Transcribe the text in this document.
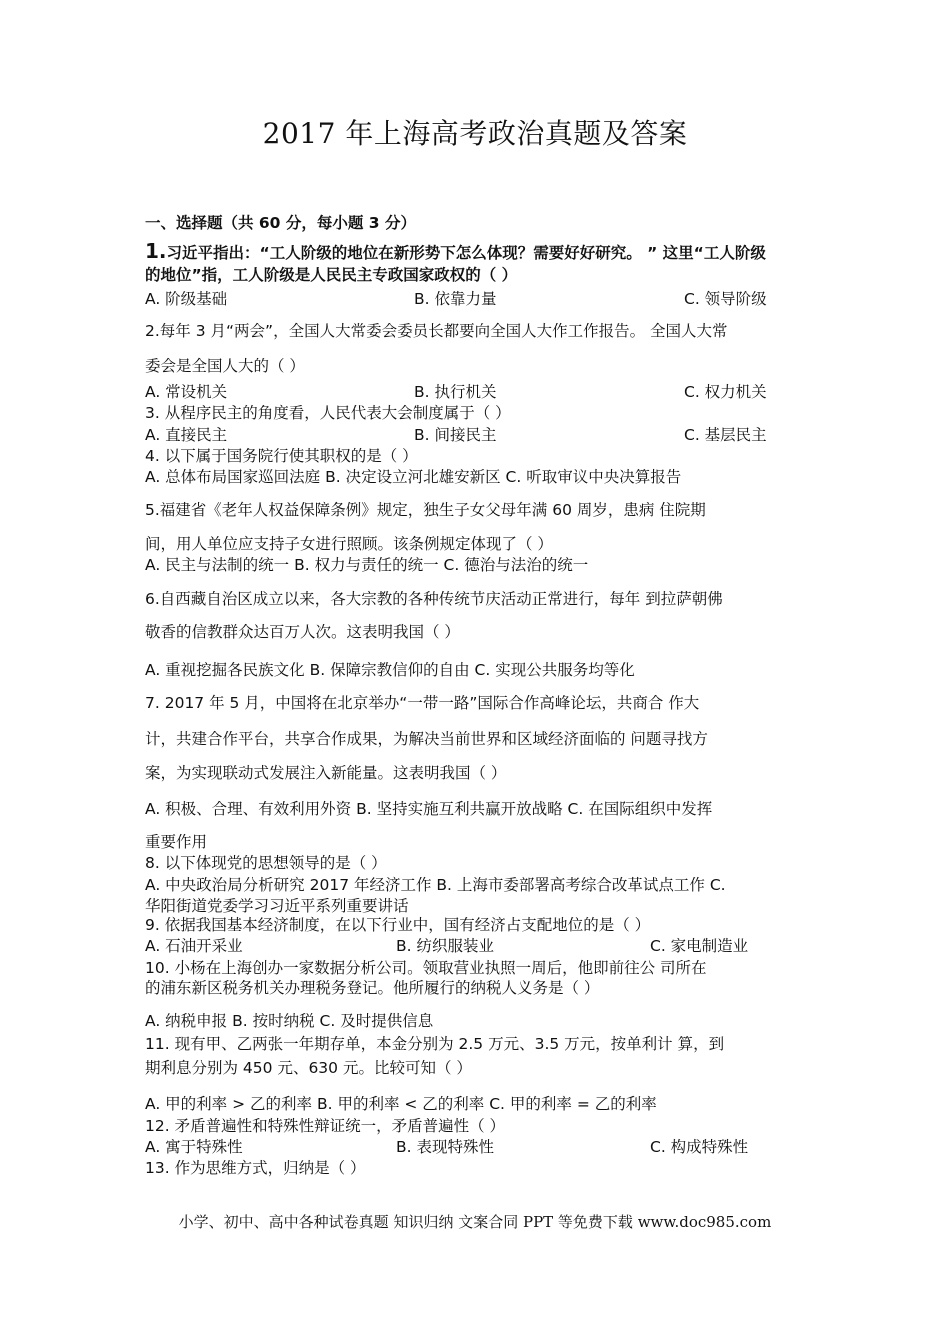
2017 年上海高考政治真题及答案
一、选择题（共 60 分，每小题 3 分）
1.习近平指出：“工人阶级的地位在新形势下怎么体现？需要好好研究。 ” 这里“工人阶级
的地位”指，工人阶级是人民民主专政国家政权的（ ）
A. 阶级基础	B. 依靠力量	C. 领导阶级
2.每年 3 月“两会”，全国人大常委会委员长都要向全国人大作工作报告。 全国人大常
委会是全国人大的（ ）
A. 常设机关	B. 执行机关	C. 权力机关
3. 从程序民主的角度看，人民代表大会制度属于（ ）
A. 直接民主	B. 间接民主	C. 基层民主
4. 以下属于国务院行使其职权的是（ ）
A. 总体布局国家巡回法庭 B. 决定设立河北雄安新区 C. 听取审议中央决算报告
5.福建省《老年人权益保障条例》规定，独生子女父母年满 60 周岁，患病 住院期
间，用人单位应支持子女进行照顾。该条例规定体现了（ ）
A. 民主与法制的统一 B. 权力与责任的统一 C. 德治与法治的统一
6.自西藏自治区成立以来，各大宗教的各种传统节庆活动正常进行，每年 到拉萨朝佛
敬香的信教群众达百万人次。这表明我国（ ）
A. 重视挖掘各民族文化 B. 保障宗教信仰的自由 C. 实现公共服务均等化
7. 2017 年 5 月，中国将在北京举办“一带一路”国际合作高峰论坛，共商合 作大
计，共建合作平台，共享合作成果，为解决当前世界和区域经济面临的 问题寻找方
案，为实现联动式发展注入新能量。这表明我国（ ）
A. 积极、合理、有效利用外资 B. 坚持实施互利共赢开放战略 C. 在国际组织中发挥
重要作用
8. 以下体现党的思想领导的是（ ）
A. 中央政治局分析研究 2017 年经济工作 B. 上海市委部署高考综合改革试点工作 C.
华阳街道党委学习习近平系列重要讲话
9. 依据我国基本经济制度，在以下行业中，国有经济占支配地位的是（ ）
A. 石油开采业	B. 纺织服装业	C. 家电制造业
10. 小杨在上海创办一家数据分析公司。领取营业执照一周后，他即前往公 司所在
的浦东新区税务机关办理税务登记。他所履行的纳税人义务是（ ）
A. 纳税申报 B. 按时纳税 C. 及时提供信息
11. 现有甲、乙两张一年期存单，本金分别为 2.5 万元、3.5 万元，按单利计 算，到
期利息分别为 450 元、630 元。比较可知（ ）
A. 甲的利率 > 乙的利率 B. 甲的利率 < 乙的利率 C. 甲的利率 = 乙的利率
12. 矛盾普遍性和特殊性辩证统一，矛盾普遍性（ ）
A. 寓于特殊性	B. 表现特殊性	C. 构成特殊性
13. 作为思维方式，归纳是（ ）
小学、初中、高中各种试卷真题 知识归纳 文案合同 PPT 等免费下载 www.doc985.com
